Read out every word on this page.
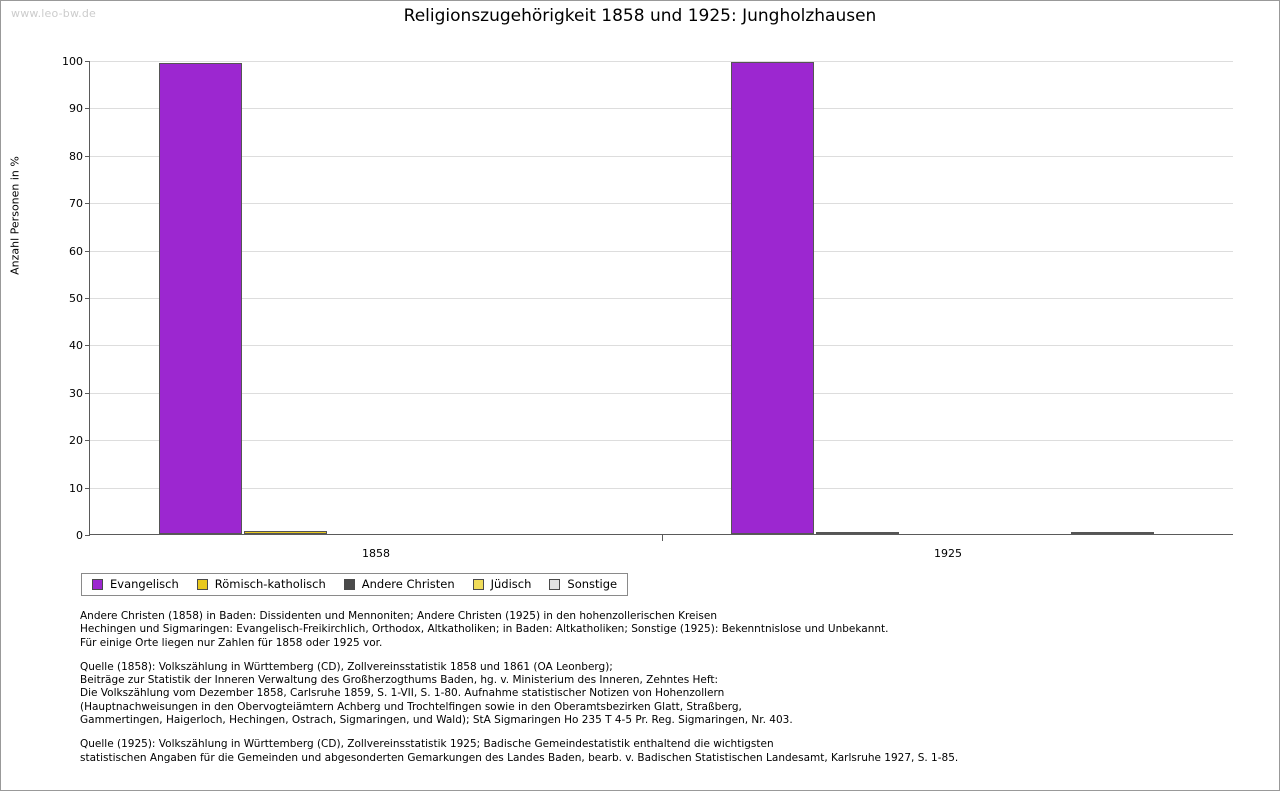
www.leo-bw.de	Religionszugehörigkeit 1858 und 1925: Jungholzhausen
Anzahl Personen in %
0
10
20
30
40
50
60
70
80
90
100
1858	1925
Evangelisch	Römisch-katholisch	Andere Christen	Jüdisch	Sonstige
Andere Christen (1858) in Baden: Dissidenten und Mennoniten; Andere Christen (1925) in den hohenzollerischen Kreisen
Hechingen und Sigmaringen: Evangelisch-Freikirchlich, Orthodox, Altkatholiken; in Baden: Altkatholiken; Sonstige (1925): Bekenntnislose und Unbekannt.
Für einige Orte liegen nur Zahlen für 1858 oder 1925 vor.
Quelle (1858): Volkszählung in Württemberg (CD), Zollvereinsstatistik 1858 und 1861 (OA Leonberg);
Beiträge zur Statistik der Inneren Verwaltung des Großherzogthums Baden, hg. v. Ministerium des Inneren, Zehntes Heft:
Die Volkszählung vom Dezember 1858, Carlsruhe 1859, S. 1-VII, S. 1-80. Aufnahme statistischer Notizen von Hohenzollern
(Hauptnachweisungen in den Obervogteiämtern Achberg und Trochtelfingen sowie in den Oberamtsbezirken Glatt, Straßberg,
Gammertingen, Haigerloch, Hechingen, Ostrach, Sigmaringen, und Wald); StA Sigmaringen Ho 235 T 4-5 Pr. Reg. Sigmaringen, Nr. 403.
Quelle (1925): Volkszählung in Württemberg (CD), Zollvereinsstatistik 1925; Badische Gemeindestatistik enthaltend die wichtigsten
statistischen Angaben für die Gemeinden und abgesonderten Gemarkungen des Landes Baden, bearb. v. Badischen Statistischen Landesamt, Karlsruhe 1927, S. 1-85.
